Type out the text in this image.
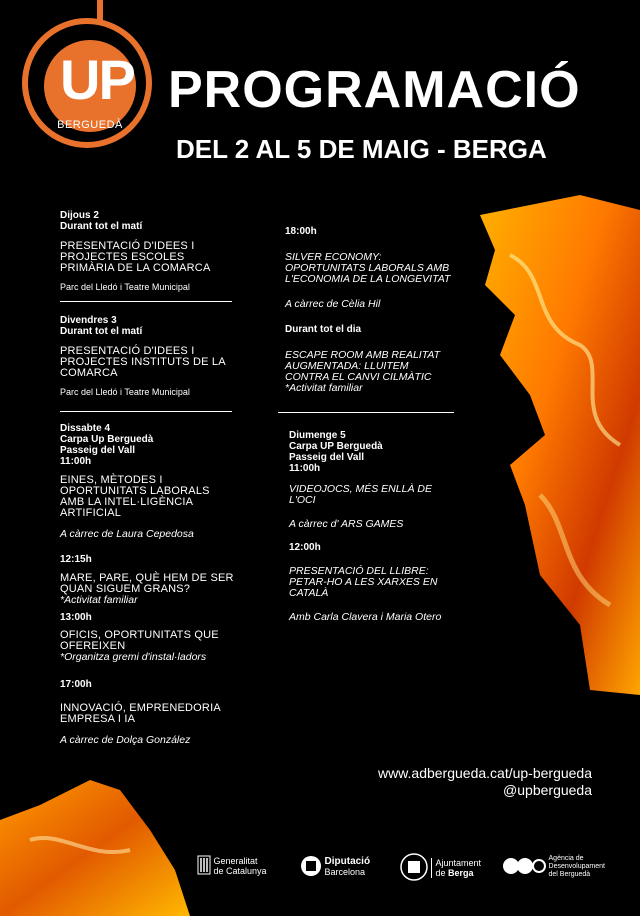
UP
BERGUEDÀ
PROGRAMACIÓ
DEL 2 AL 5 DE MAIG - BERGA
Dijous 2
Durant tot el matí
PRESENTACIÓ D'IDEES I PROJECTES ESCOLES PRIMÀRIA DE LA COMARCA
Parc del Lledó i Teatre Municipal
Divendres 3
Durant tot el matí
PRESENTACIÓ D'IDEES I PROJECTES INSTITUTS DE LA COMARCA
Parc del Lledó i Teatre Municipal
Dissabte 4
Carpa Up Berguedà
Passeig del Vall
11:00h
EINES, MÈTODES I OPORTUNITATS LABORALS AMB LA INTEL·LIGÈNCIA ARTIFICIAL
A càrrec de Laura Cepedosa
12:15h
MARE, PARE, QUÈ HEM DE SER QUAN SIGUEM GRANS?
*Activitat familiar
13:00h
OFICIS, OPORTUNITATS QUE OFEREIXEN
*Organitza gremi d'instal·ladors
17:00h
INNOVACIÓ, EMPRENEDORIA EMPRESA I IA
A càrrec de Dolça González
18:00h
SILVER ECONOMY: OPORTUNITATS LABORALS AMB L'ECONOMIA DE LA LONGEVITAT
A càrrec de Cèlia Hil
Durant tot el dia
ESCAPE ROOM AMB REALITAT AUGMENTADA: LLUITEM CONTRA EL CANVI CILMÀTIC
*Activitat familiar
Diumenge 5
Carpa UP Berguedà
Passeig del Vall
11:00h
VIDEOJOCS, MÉS ENLLÀ DE L'OCI
A càrrec d' ARS GAMES
12:00h
PRESENTACIÓ DEL LLIBRE: PETAR-HO A LES XARXES EN CATALÀ
Amb Carla Clavera i Maria Otero
www.adbergueda.cat/up-bergueda
@upbergueda

Generalitat
de Catalunya

Diputació
Barcelona

Ajuntament
de Berga

Agència de
Desenvolupament
del Berguedà
